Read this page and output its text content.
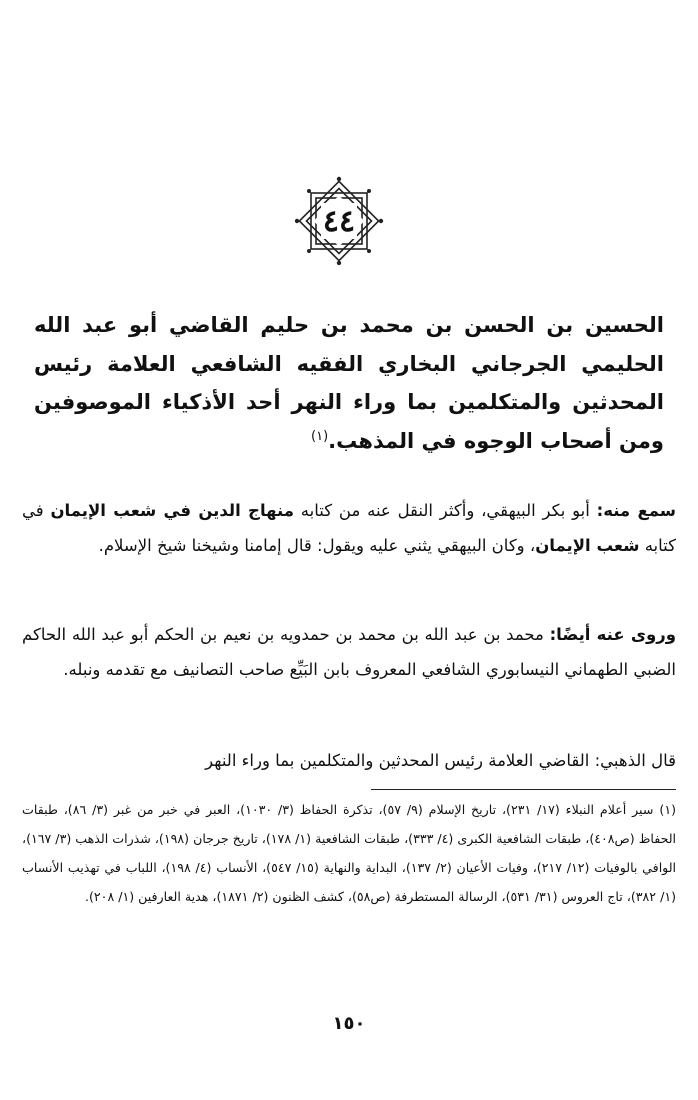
٤٤
الحسين بن الحسن بن محمد بن حليم القاضي أبو عبد الله الحليمي الجرجاني البخاري الفقيه الشافعي العلامة رئيس المحدثين والمتكلمين بما وراء النهر أحد الأذكياء الموصوفين ومن أصحاب الوجوه في المذهب.$^{(١)}$
سمع منه: أبو بكر البيهقي، وأكثر النقل عنه من كتابه منهاج الدين في شعب الإيمان في كتابه شعب الإيمان، وكان البيهقي يثني عليه ويقول: قال إمامنا وشيخنا شيخ الإسلام.
وروى عنه أيضًا: محمد بن عبد الله بن محمد بن حمدويه بن نعيم بن الحكم أبو عبد الله الحاكم الضبي الطهماني النيسابوري الشافعي المعروف بابن البَيِّع صاحب التصانيف مع تقدمه ونبله.
قال الذهبي: القاضي العلامة رئيس المحدثين والمتكلمين بما وراء النهر
(١)سير أعلام النبلاء (١٧/ ٢٣١)، تاريخ الإسلام (٩/ ٥٧)، تذكرة الحفاظ (٣/ ١٠٣٠)، العبر في خبر من غبر (٣/ ٨٦)، طبقات الحفاظ (ص٤٠٨)، طبقات الشافعية الكبرى (٤/ ٣٣٣)، طبقات الشافعية (١/ ١٧٨)، تاريخ جرجان (١٩٨)، شذرات الذهب (٣/ ١٦٧)، الوافي بالوفيات (١٢/ ٢١٧)، وفيات الأعيان (٢/ ١٣٧)، البداية والنهاية (١٥/ ٥٤٧)، الأنساب (٤/ ١٩٨)، اللباب في تهذيب الأنساب (١/ ٣٨٢)، تاج العروس (٣١/ ٥٣١)، الرسالة المستطرفة (ص٥٨)، كشف الظنون (٢/ ١٨٧١)، هدية العارفين (١/ ٢٠٨).
١٥٠
